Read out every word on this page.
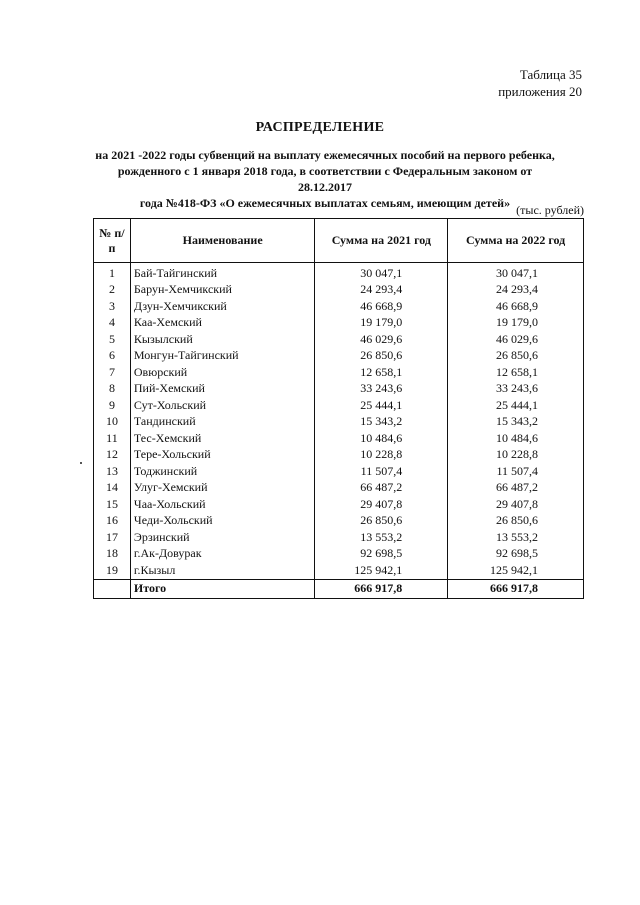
Таблица 35
приложения 20
РАСПРЕДЕЛЕНИЕ
на 2021 -2022 годы субвенций на выплату ежемесячных пособий на первого ребенка,
рожденного с 1 января 2018 года, в соответствии с Федеральным законом от 28.12.2017
года №418-ФЗ «О ежемесячных выплатах семьям, имеющим детей» (тыс. рублей)
№ п/п	Наименование	Сумма на 2021 год	Сумма на 2022 год
1	Бай-Тайгинский	30 047,1	30 047,1
2	Барун-Хемчикский	24 293,4	24 293,4
3	Дзун-Хемчикский	46 668,9	46 668,9
4	Каа-Хемский	19 179,0	19 179,0
5	Кызылский	46 029,6	46 029,6
6	Монгун-Тайгинский	26 850,6	26 850,6
7	Овюрский	12 658,1	12 658,1
8	Пий-Хемский	33 243,6	33 243,6
9	Сут-Хольский	25 444,1	25 444,1
10	Тандинский	15 343,2	15 343,2
11	Тес-Хемский	10 484,6	10 484,6
12	Тере-Хольский	10 228,8	10 228,8
13	Тоджинский	11 507,4	11 507,4
14	Улуг-Хемский	66 487,2	66 487,2
15	Чаа-Хольский	29 407,8	29 407,8
16	Чеди-Хольский	26 850,6	26 850,6
17	Эрзинский	13 553,2	13 553,2
18	г.Ак-Довурак	92 698,5	92 698,5
19	г.Кызыл	125 942,1	125 942,1
	Итого	666 917,8	666 917,8
